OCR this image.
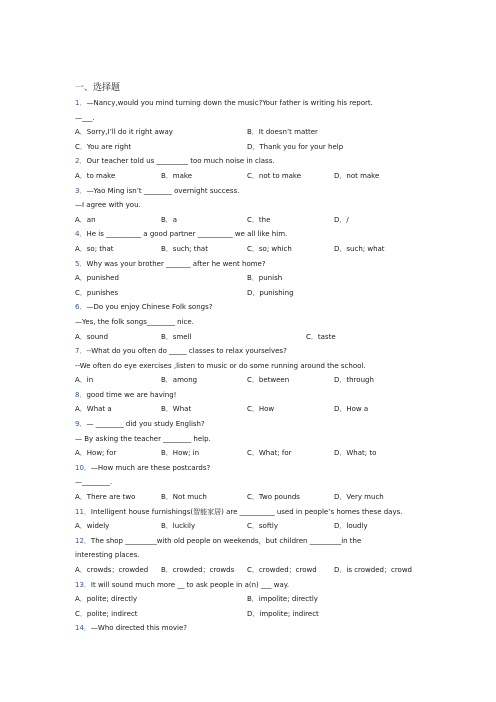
一、选择题
1．—Nancy,would you mind turning down the music?Your father is writing his report.
—___.
A．Sorry,I’ll do it right away	B．It doesn’t matter
C．You are right	D．Thank you for your help
2．Our teacher told us _________ too much noise in class.
A．to make	B．make	C．not to make	D．not make
3．—Yao Ming isn’t ________ overnight success.
—I agree with you.
A．an	B．a	C．the	D．/
4．He is __________ a good partner __________ we all like him.
A．so; that	B．such; that	C．so; which	D．such; what
5．Why was your brother _______ after he went home?
A．punished	B．punish
C．punishes	D．punishing
6．—Do you enjoy Chinese Folk songs?
—Yes, the folk songs________ nice.
A．sound	B．smell	C．taste
7．--What do you often do _____ classes to relax yourselves?
--We often do eye exercises ,listen to music or do some running around the school.
A．in	B．among	C．between	D．through
8．good time we are having!
A．What a	B．What	C．How	D．How a
9．— ________ did you study English?
— By asking the teacher ________ help.
A．How; for	B．How; in	C．What; for	D．What; to
10．—How much are these postcards?
—________.
A．There are two	B．Not much	C．Two pounds	D．Very much
11．Intelligent house furnishings(智能家居) are __________ used in people’s homes these days.
A．widely	B．luckily	C．softly	D．loudly
12．The shop _________with old people on weekends，but children _________in the
interesting places.
A．crowds；crowded B．crowded；crowds C．crowded；crowd D．is crowded；crowd
13．It will sound much more __ to ask people in a(n) ___ way.
A．polite; directly	B．impolite; directly
C．polite; indirect	D．impolite; indirect
14．—Who directed this movie?
